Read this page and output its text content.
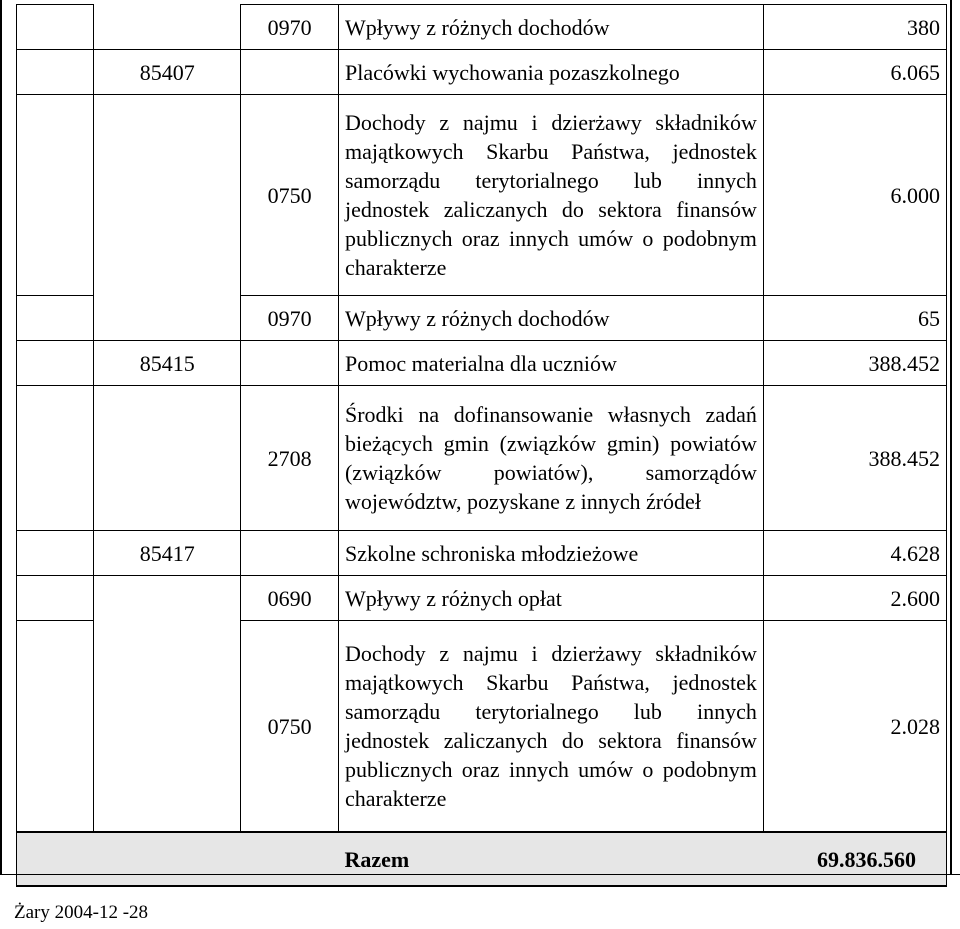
		0970	Wpływy z różnych dochodów	380
	85407		Placówki wychowania pozaszkolnego	6.065
		0750	Dochody z najmu i dzierżawy składników majątkowych Skarbu Państwa, jednostek samorządu terytorialnego lub innych jednostek zaliczanych do sektora finansów publicznych oraz innych umów o podobnym charakterze	6.000
		0970	Wpływy z różnych dochodów	65
	85415		Pomoc materialna dla uczniów	388.452
		2708	Środki na dofinansowanie własnych zadań bieżących gmin (związków gmin) powiatów (związków powiatów), samorządów województw, pozyskane z innych źródeł	388.452
	85417		Szkolne schroniska młodzieżowe	4.628
		0690	Wpływy z różnych opłat	2.600
		0750	Dochody z najmu i dzierżawy składników majątkowych Skarbu Państwa, jednostek samorządu terytorialnego lub innych jednostek zaliczanych do sektora finansów publicznych oraz innych umów o podobnym charakterze	2.028
			Razem	69.836.560
Żary 2004-12 -28
